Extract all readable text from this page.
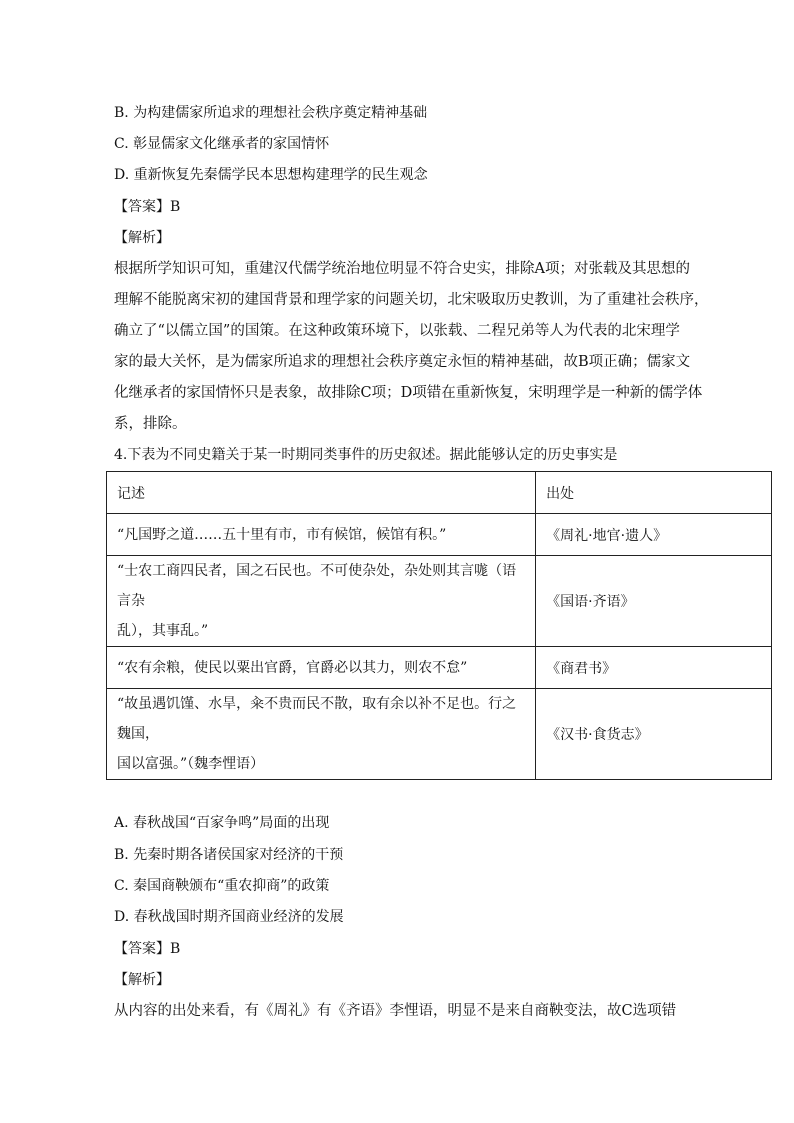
B. 为构建儒家所追求的理想社会秩序奠定精神基础
C. 彰显儒家文化继承者的家国情怀
D. 重新恢复先秦儒学民本思想构建理学的民生观念
【答案】B
【解析】
根据所学知识可知，重建汉代儒学统治地位明显不符合史实，排除A项；对张载及其思想的
理解不能脱离宋初的建国背景和理学家的问题关切，北宋吸取历史教训，为了重建社会秩序，
确立了“以儒立国”的国策。在这种政策环境下，以张载、二程兄弟等人为代表的北宋理学
家的最大关怀，是为儒家所追求的理想社会秩序奠定永恒的精神基础，故B项正确；儒家文
化继承者的家国情怀只是表象，故排除C项；D项错在重新恢复，宋明理学是一种新的儒学体
系，排除。
4.下表为不同史籍关于某一时期同类事件的历史叙述。据此能够认定的历史事实是
记述	出处

“凡国野之道……五十里有市，市有候馆，候馆有积。”	《周礼·地官·遗人》

“士农工商四民者，国之石民也。不可使杂处，杂处则其言哤（语言杂
乱），其事乱。”	《国语·齐语》

“农有余粮，使民以粟出官爵，官爵必以其力，则农不怠”	《商君书》

“故虽遇饥馑、水旱，籴不贵而民不散，取有余以补不足也。行之魏国，
国以富强。”（魏李悝语）	《汉书·食货志》
A. 春秋战国“百家争鸣”局面的出现
B. 先秦时期各诸侯国家对经济的干预
C. 秦国商鞅颁布“重农抑商”的政策
D. 春秋战国时期齐国商业经济的发展
【答案】B
【解析】
从内容的出处来看，有《周礼》有《齐语》李悝语，明显不是来自商鞅变法，故C选项错
